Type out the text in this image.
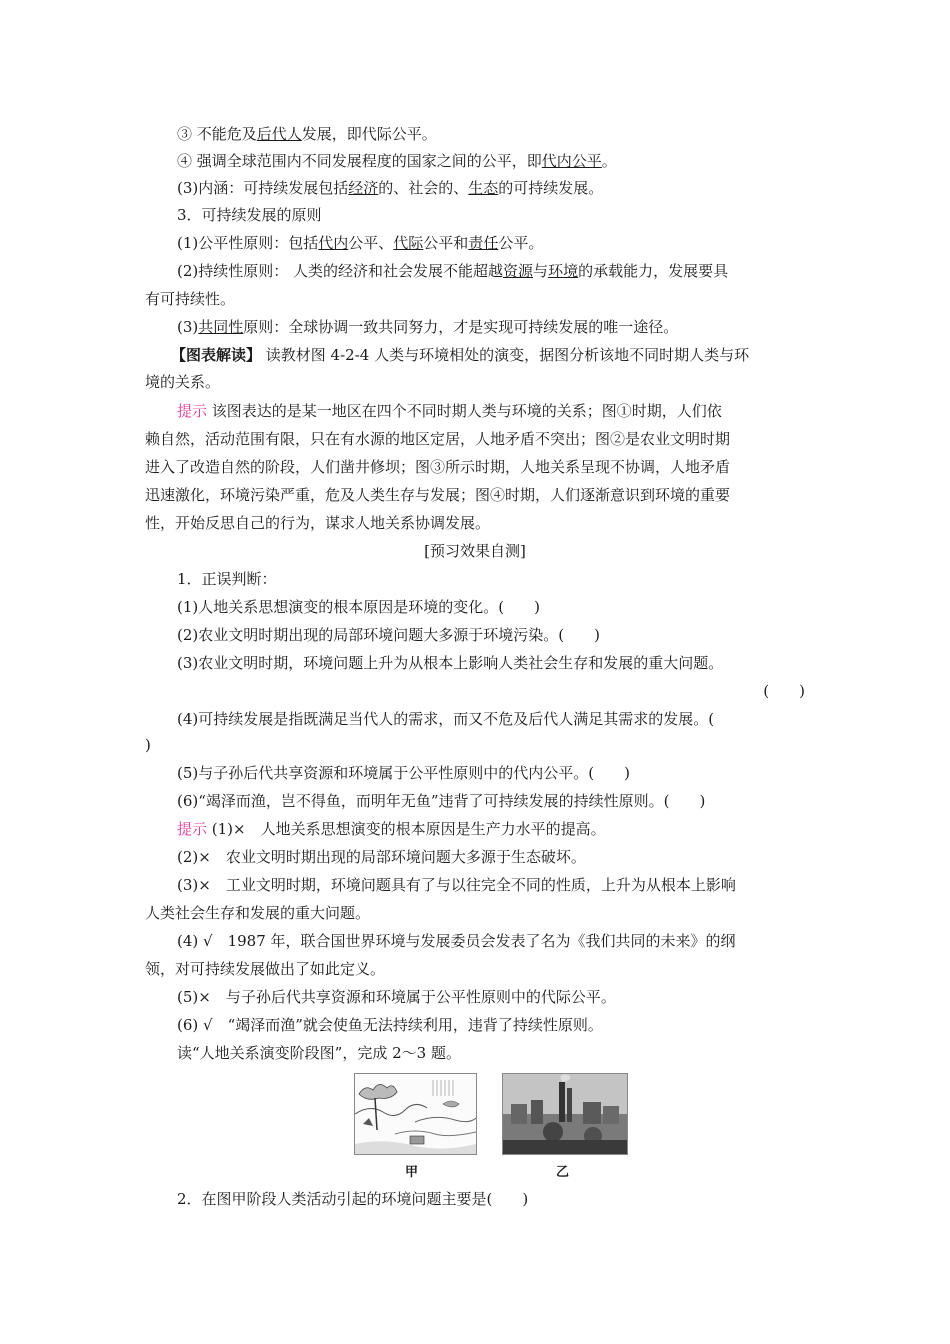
③ 不能危及后代人发展，即代际公平。
④ 强调全球范围内不同发展程度的国家之间的公平，即代内公平。
(3)内涵：可持续发展包括经济的、社会的、生态的可持续发展。
3．可持续发展的原则
(1)公平性原则：包括代内公平、代际公平和责任公平。
(2)持续性原则： 人类的经济和社会发展不能超越资源与环境的承载能力，发展要具
有可持续性。
(3)共同性原则：全球协调一致共同努力，才是实现可持续发展的唯一途径。
【图表解读】 读教材图 4-2-4 人类与环境相处的演变，据图分析该地不同时期人类与环
境的关系。
提示 该图表达的是某一地区在四个不同时期人类与环境的关系；图①时期，人们依
赖自然，活动范围有限，只在有水源的地区定居，人地矛盾不突出；图②是农业文明时期
进入了改造自然的阶段，人们凿井修坝；图③所示时期，人地关系呈现不协调，人地矛盾
迅速激化，环境污染严重，危及人类生存与发展；图④时期，人们逐渐意识到环境的重要
性，开始反思自己的行为，谋求人地关系协调发展。
[预习效果自测]
1．正误判断：
(1)人地关系思想演变的根本原因是环境的变化。(　　)
(2)农业文明时期出现的局部环境问题大多源于环境污染。(　　)
(3)农业文明时期，环境问题上升为从根本上影响人类社会生存和发展的重大问题。
(　　)
(4)可持续发展是指既满足当代人的需求，而又不危及后代人满足其需求的发展。(
)
(5)与子孙后代共享资源和环境属于公平性原则中的代内公平。(　　)
(6)“竭泽而渔，岂不得鱼，而明年无鱼”违背了可持续发展的持续性原则。(　　)
提示 (1)×　人地关系思想演变的根本原因是生产力水平的提高。
(2)×　农业文明时期出现的局部环境问题大多源于生态破坏。
(3)×　工业文明时期，环境问题具有了与以往完全不同的性质，上升为从根本上影响
人类社会生存和发展的重大问题。
(4) √　1987 年，联合国世界环境与发展委员会发表了名为《我们共同的未来》的纲
领，对可持续发展做出了如此定义。
(5)×　与子孙后代共享资源和环境属于公平性原则中的代际公平。
(6) √　“竭泽而渔”就会使鱼无法持续利用，违背了持续性原则。
读“人地关系演变阶段图”，完成 2～3 题。
甲	乙
2．在图甲阶段人类活动引起的环境问题主要是(　　)
